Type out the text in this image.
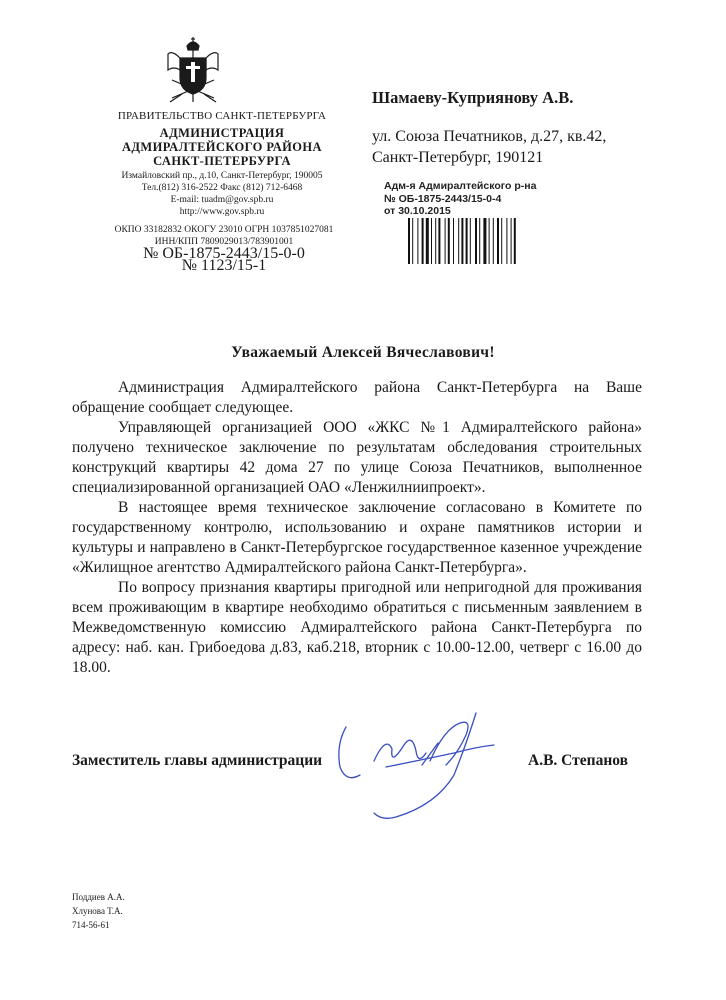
ПРАВИТЕЛЬСТВО САНКТ-ПЕТЕРБУРГА
АДМИНИСТРАЦИЯ
АДМИРАЛТЕЙСКОГО РАЙОНА
САНКТ-ПЕТЕРБУРГА
Измайловский пр., д.10, Санкт-Петербург, 190005
Тел.(812) 316-2522 Факс (812) 712-6468
E-mail: tuadm@gov.spb.ru
http://www.gov.spb.ru
ОКПО 33182832 ОКОГУ 23010 ОГРН 1037851027081
ИНН/КПП 7809029013/783901001
№ ОБ-1875-2443/15-0-0
№ 1123/15-1
Шамаеву-Куприянову А.В.
ул. Союза Печатников, д.27, кв.42,
Санкт-Петербург, 190121
Адм-я Адмиралтейского р-на
№ ОБ-1875-2443/15-0-4
от 30.10.2015
Уважаемый Алексей Вячеславович!

Администрация Адмиралтейского района Санкт-Петербурга на Ваше обращение сообщает следующее.

Управляющей организацией ООО «ЖКС №1 Адмиралтейского района» получено техническое заключение по результатам обследования строительных конструкций квартиры 42 дома 27 по улице Союза Печатников, выполненное специализированной организацией ОАО «Ленжилниипроект».

В настоящее время техническое заключение согласовано в Комитете по государственному контролю, использованию и охране памятников истории и культуры и направлено в Санкт-Петербургское государственное казенное учреждение «Жилищное агентство Адмиралтейского района Санкт-Петербурга».

По вопросу признания квартиры пригодной или непригодной для проживания всем проживающим в квартире необходимо обратиться с письменным заявлением в Межведомственную комиссию Адмиралтейского района Санкт-Петербурга по адресу: наб. кан. Грибоедова д.83, каб.218, вторник с 10.00-12.00, четверг с 16.00 до 18.00.

Заместитель главы администрации	А.В. Степанов
Поддиев А.А.
Хлунова Т.А.
714-56-61
